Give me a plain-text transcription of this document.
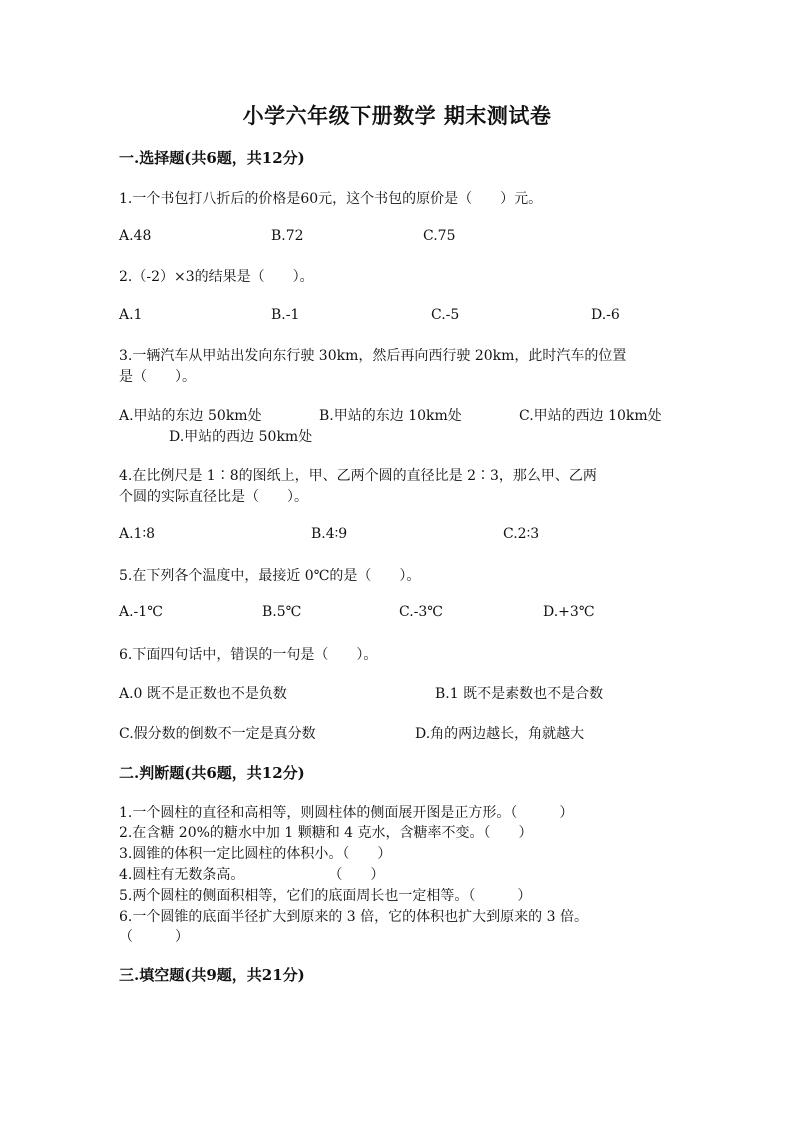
小学六年级下册数学 期末测试卷
一.选择题(共6题，共12分)
1.一个书包打八折后的价格是60元，这个书包的原价是（　　）元。
A.48	B.72	C.75
2.（-2）×3的结果是（　　）。
A.1	B.-1	C.-5	D.-6
3.一辆汽车从甲站出发向东行驶 30km，然后再向西行驶 20km，此时汽车的位置
是（　　）。
A.甲站的东边 50km处	B.甲站的东边 10km处	C.甲站的西边 10km处
D.甲站的西边 50km处
4.在比例尺是 1∶8的图纸上，甲、乙两个圆的直径比是 2∶3，那么甲、乙两
个圆的实际直径比是（　　）。
A.1∶8	B.4∶9	C.2∶3
5.在下列各个温度中，最接近 0℃的是（　　）。
A.-1℃	B.5℃	C.-3℃	D.+3℃
6.下面四句话中，错误的一句是（　　）。
A.0 既不是正数也不是负数	B.1 既不是素数也不是合数
C.假分数的倒数不一定是真分数	D.角的两边越长，角就越大
二.判断题(共6题，共12分)
1.一个圆柱的直径和高相等，则圆柱体的侧面展开图是正方形。（　　　）
2.在含糖 20%的糖水中加 1 颗糖和 4 克水，含糖率不变。（　　）
3.圆锥的体积一定比圆柱的体积小。（　　）
4.圆柱有无数条高。　　　　　　　（　　）
5.两个圆柱的侧面积相等，它们的底面周长也一定相等。（　　　）
6.一个圆锥的底面半径扩大到原来的 3 倍，它的体积也扩大到原来的 3 倍。
（　　　）
三.填空题(共9题，共21分)
